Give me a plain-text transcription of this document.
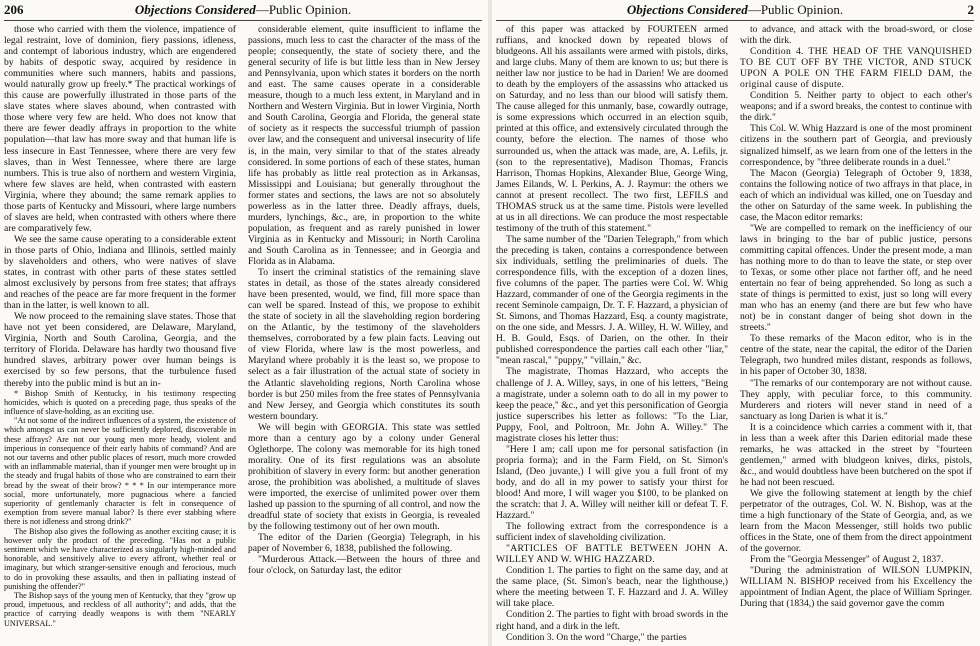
206	Objections Considered—Public Opinion.

those who carried with them the violence, impatience of legal restraint, love of dominion, fiery passions, idleness, and contempt of laborious industry, which are engendered by habits of despotic sway, acquired by residence in communities where such manners, habits and passions, would naturally grow up freely.* The practical workings of this cause are powerfully illustrated in those parts of the slave states where slaves abound, when contrasted with those where very few are held. Who does not know that there are fewer deadly affrays in proportion to the white population—that law has more sway and that human life is less insecure in East Tennessee, where there are very few slaves, than in West Tennessee, where there are large numbers. This is true also of northern and western Virginia, where few slaves are held, when contrasted with eastern Virginia, where they abound; the same remark applies to those parts of Kentucky and Missouri, where large numbers of slaves are held, when contrasted with others where there are comparatively few.

We see the same cause operating to a considerable extent in those parts of Ohio, Indiana and Illinois, settled mainly by slaveholders and others, who were natives of slave states, in contrast with other parts of these states settled almost exclusively by persons from free states; that affrays and reaches of the peace are far more frequent in the former than in the latter, is well known to all.

We now proceed to the remaining slave states. Those that have not yet been considered, are Delaware, Maryland, Virginia, North and South Carolina, Georgia, and the territory of Florida. Delaware has hardly two thousand five hundred slaves, arbitrary power over human beings is exercised by so few persons, that the turbulence fused thereby into the public mind is but an in-

* Bishop Smith of Kentucky, in his testimony respecting homicides, which is quoted on a preceding page, thus speaks of the influence of slave-holding, as an exciting use.

"At not some of the indirect influences of a system, the existence of which amongst us can never be sufficiently deplored, discoverable in these affrays? Are not our young men more heady, violent and imperious in consequence of their early habits of command? And are not our taverns and other public places of resort, much more crowded with an inflammable material, than if younger men were brought up in the steady and frugal habits of those who are constrained to earn their bread by the sweat of their brow? * * * In our intemperance more social, more unfortunately, more pugnacious where a fancied superiority of gentlemanly character is felt in consequence of exemption from severe manual labor? Is there ever stabbing where there is not idleness and strong drink?"

The Bishop also gives the following as another exciting cause; it is however only the product of the preceding. "Has not a public sentiment which we have characterized as singularly high-minded and honorable, and sensitively alive to every affront, whether real or imaginary, but which stranger-sensitive enough and ferocious, much to do in provoking these assaults, and then in palliating instead of punishing the offender?"

The Bishop says of the young men of Kentucky, that they "grow up proud, impetuous, and reckless of all authority"; and adds, that the practice of carrying deadly weapons is with them "NEARLY UNIVERSAL."

considerable element, quite insufficient to inflame the passions, much less to cast the character of the mass of the people; consequently, the state of society there, and the general security of life is but little less than in New Jersey and Pennsylvania, upon which states it borders on the north and east. The same causes operate in a considerable measure, though to a much less extent, in Maryland and in Northern and Western Virginia. But in lower Virginia, North and South Carolina, Georgia and Florida, the general state of society as it respects the successful triumph of passion over law, and the consequent and universal insecurity of life is, in the main, very similar to that of the states already considered. In some portions of each of these states, human life has probably as little real protection as in Arkansas, Mississippi and Louisiana; but generally throughout the former states and sections, the laws are not so absolutely powerless as in the latter three. Deadly affrays, duels, murders, lynchings, &c., are, in proportion to the white population, as frequent and as rarely punished in lower Virginia as in Kentucky and Missouri; in North Carolina and South Carolina as in Tennessee; and in Georgia and Florida as in Alabama.

To insert the criminal statistics of the remaining slave states in detail, as those of the states already considered have been presented, would, we find, fill more space than can well be spared. Instead of this, we propose to exhibit the state of society in all the slaveholding region bordering on the Atlantic, by the testimony of the slaveholders themselves, corroborated by a few plain facts. Leaving out of view Florida, where law is the most powerless, and Maryland where probably it is the least so, we propose to select as a fair illustration of the actual state of society in the Atlantic slaveholding regions, North Carolina whose border is but 250 miles from the free states of Pennsylvania and New Jersey, and Georgia which constitutes its south western boundary.

We will begin with GEORGIA. This state was settled more than a century ago by a colony under General Oglethorpe. The colony was memorable for its high toned morality. One of its first regulations was an absolute prohibition of slavery in every form: but another generation arose, the prohibition was abolished, a multitude of slaves were imported, the exercise of unlimited power over them lashed up passion to the spurning of all control, and now the dreadful state of society that exists in Georgia, is revealed by the following testimony out of her own mouth.

The editor of the Darien (Georgia) Telegraph, in his paper of November 6, 1838, published the following.

"Murderous Attack.—Between the hours of three and four o'clock, on Saturday last, the editor

Objections Considered—Public Opinion.	2

of this paper was attacked by FOURTEEN armed ruffians, and knocked down by repeated blows of bludgeons. All his assailants were armed with pistols, dirks, and large clubs. Many of them are known to us; but there is neither law nor justice to be had in Darien! We are doomed to death by the employers of the assassins who attacked us on Saturday, and no less than our blood will satisfy them. The cause alleged for this unmanly, base, cowardly outrage, is some expressions which occurred in an election squib, printed at this office, and extensively circulated through the county, before the election. The names of those who surrounded us, when the attack was made, are, A. Lefils, jr. (son to the representative), Madison Thomas, Francis Harrison, Thomas Hopkins, Alexander Blue, George Wing, James Eilands, W. I. Perkins, A. J. Raymur: the others we cannot at present recollect. The two first, LEFILS and THOMAS struck us at the same time. Pistols were levelled at us in all directions. We can produce the most respectable testimony of the truth of this statement."

The same number of the "Darien Telegraph," from which the preceding is taken, contains a correspondence between six individuals, settling the preliminaries of duels. The correspondence fills, with the exception of a dozen lines, five columns of the paper. The parties were Col. W. Whig Hazzard, commander of one of the Georgia regiments in the recent Seminole campaign, Dr. T. F. Hazzard, a physician of St. Simons, and Thomas Hazzard, Esq. a county magistrate, on the one side, and Messrs. J. A. Willey, H. W. Willey, and H. B. Gould, Esqs. of Darien, on the other. In their published correspondence the parties call each other "liar," "mean rascal," "puppy," "villain," &c.

The magistrate, Thomas Hazzard, who accepts the challenge of J. A. Willey, says, in one of his letters, "Being a magistrate, under a solemn oath to do all in my power to keep the peace," &c., and yet this personification of Georgia justice superscribes his letter as follows: "To the Liar, Puppy, Fool, and Poltroon, Mr. John A. Willey." The magistrate closes his letter thus:

"Here I am; call upon me for personal satisfaction (in propria forma); and in the Farm Field, on St. Simon's Island, (Deo juvante,) I will give you a full front of my body, and do all in my power to satisfy your thirst for blood! And more, I will wager you $100, to be planked on the scratch: that J. A. Willey will neither kill or defeat T. F. Hazzard."

The following extract from the correspondence is a sufficient index of slaveholding civilization.

"ARTICLES OF BATTLE BETWEEN JOHN A. WILLEY AND W. WHIG HAZZARD.

Condition 1. The parties to fight on the same day, and at the same place, (St. Simon's beach, near the lighthouse,) where the meeting between T. F. Hazzard and J. A. Willey will take place.

Condition 2. The parties to fight with broad swords in the right hand, and a dirk in the left.

Condition 3. On the word "Charge," the parties

to advance, and attack with the broad-sword, or close with the dirk.

Condition 4. THE HEAD OF THE VANQUISHED TO BE CUT OFF BY THE VICTOR, AND STUCK UPON A POLE ON THE FARM FIELD DAM, the original cause of dispute.

Condition 5. Neither party to object to each other's weapons; and if a sword breaks, the contest to continue with the dirk."

This Col. W. Whig Hazzard is one of the most prominent citizens in the southern part of Georgia, and previously signalized himself, as we learn from one of the letters in the correspondence, by "three deliberate rounds in a duel."

The Macon (Georgia) Telegraph of October 9, 1838, contains the following notice of two affrays in that place, in each of which an individual was killed, one on Tuesday and the other on Saturday of the same week. In publishing the case, the Macon editor remarks:

"We are compelled to remark on the inefficiency of our laws in bringing to the bar of public justice, persons committing capital offences. Under the present mode, a man has nothing more to do than to leave the state, or step over to Texas, or some other place not farther off, and he need entertain no fear of being apprehended. So long as such a state of things is permitted to exist, just so long will every man who has an enemy (and there are but few who have not) be in constant danger of being shot down in the streets."

To these remarks of the Macon editor, who is in the centre of the state, near the capital, the editor of the Darien Telegraph, two hundred miles distant, responds as follows, in his paper of October 30, 1838.

"The remarks of our contemporary are not without cause. They apply, with peculiar force, to this community. Murderers and rioters will never stand in need of a sanctuary as long Darien is what it is."

It is a coincidence which carries a comment with it, that in less than a week after this Darien editorial made these remarks, he was attacked in the street by "fourteen gentlemen," armed with bludgeon knives, dirks, pistols, &c., and would doubtless have been butchered on the spot if he had not been rescued.

We give the following statement at length by the chief perpetrator of the outrages, Col. W. N. Bishop, was at the time a high functionary of the State of Georgia, and, as we learn from the Macon Messenger, still holds two public offices in the State, one of them from the direct appointment of the governor.

From the "Georgia Messenger" of August 2, 1837.

"During the administration of WILSON LUMPKIN, WILLIAM N. BISHOP received from his Excellency the appointment of Indian Agent, the place of William Springer. During that (1834,) the said governor gave the comm
